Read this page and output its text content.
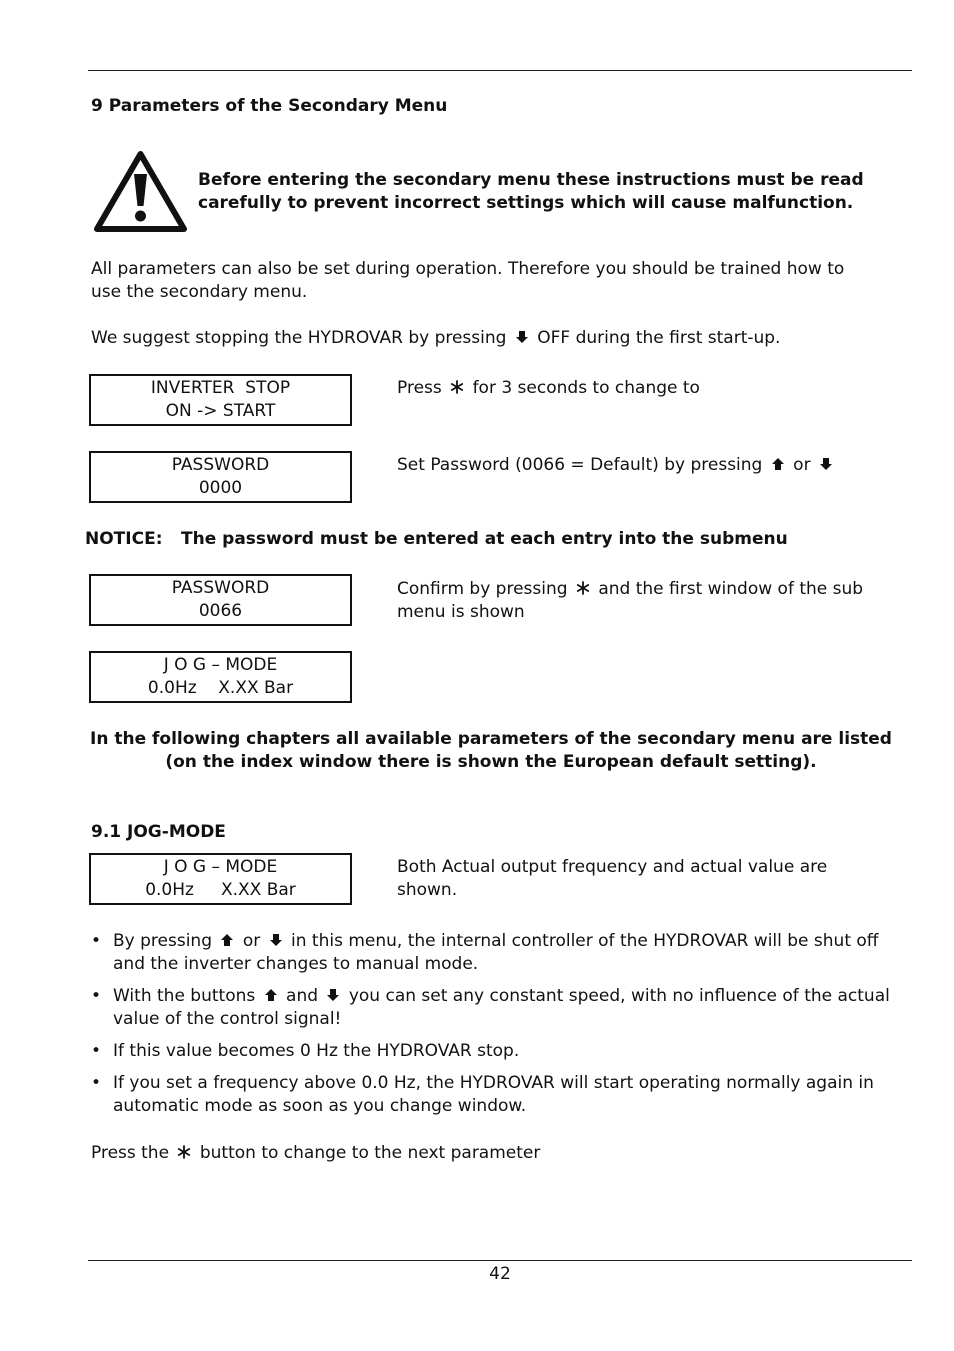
9 Parameters of the Secondary Menu
Before entering the secondary menu these instructions must be read
carefully to prevent incorrect settings which will cause malfunction.
All parameters can also be set during operation. Therefore you should be trained how to
use the secondary menu.
We suggest stopping the HYDROVAR by pressing OFF during the first start-up.
INVERTER  STOP
ON -> START
Press for 3 seconds to change to
PASSWORD
0000
Set Password (0066 = Default) by pressing or
NOTICE: The password must be entered at each entry into the submenu
PASSWORD
0066
Confirm by pressing and the first window of the sub
menu is shown
J O G – MODE
0.0Hz    X.XX Bar
In the following chapters all available parameters of the secondary menu are listed
(on the index window there is shown the European default setting).
9.1 JOG-MODE
J O G – MODE
0.0Hz     X.XX Bar
Both Actual output frequency and actual value are
shown.
• By pressing or in this menu, the internal controller of the HYDROVAR will be shut off
and the inverter changes to manual mode.
• With the buttons and you can set any constant speed, with no influence of the actual
value of the control signal!
• If this value becomes 0 Hz the HYDROVAR stop.
• If you set a frequency above 0.0 Hz, the HYDROVAR will start operating normally again in
automatic mode as soon as you change window.
Press the button to change to the next parameter
42
